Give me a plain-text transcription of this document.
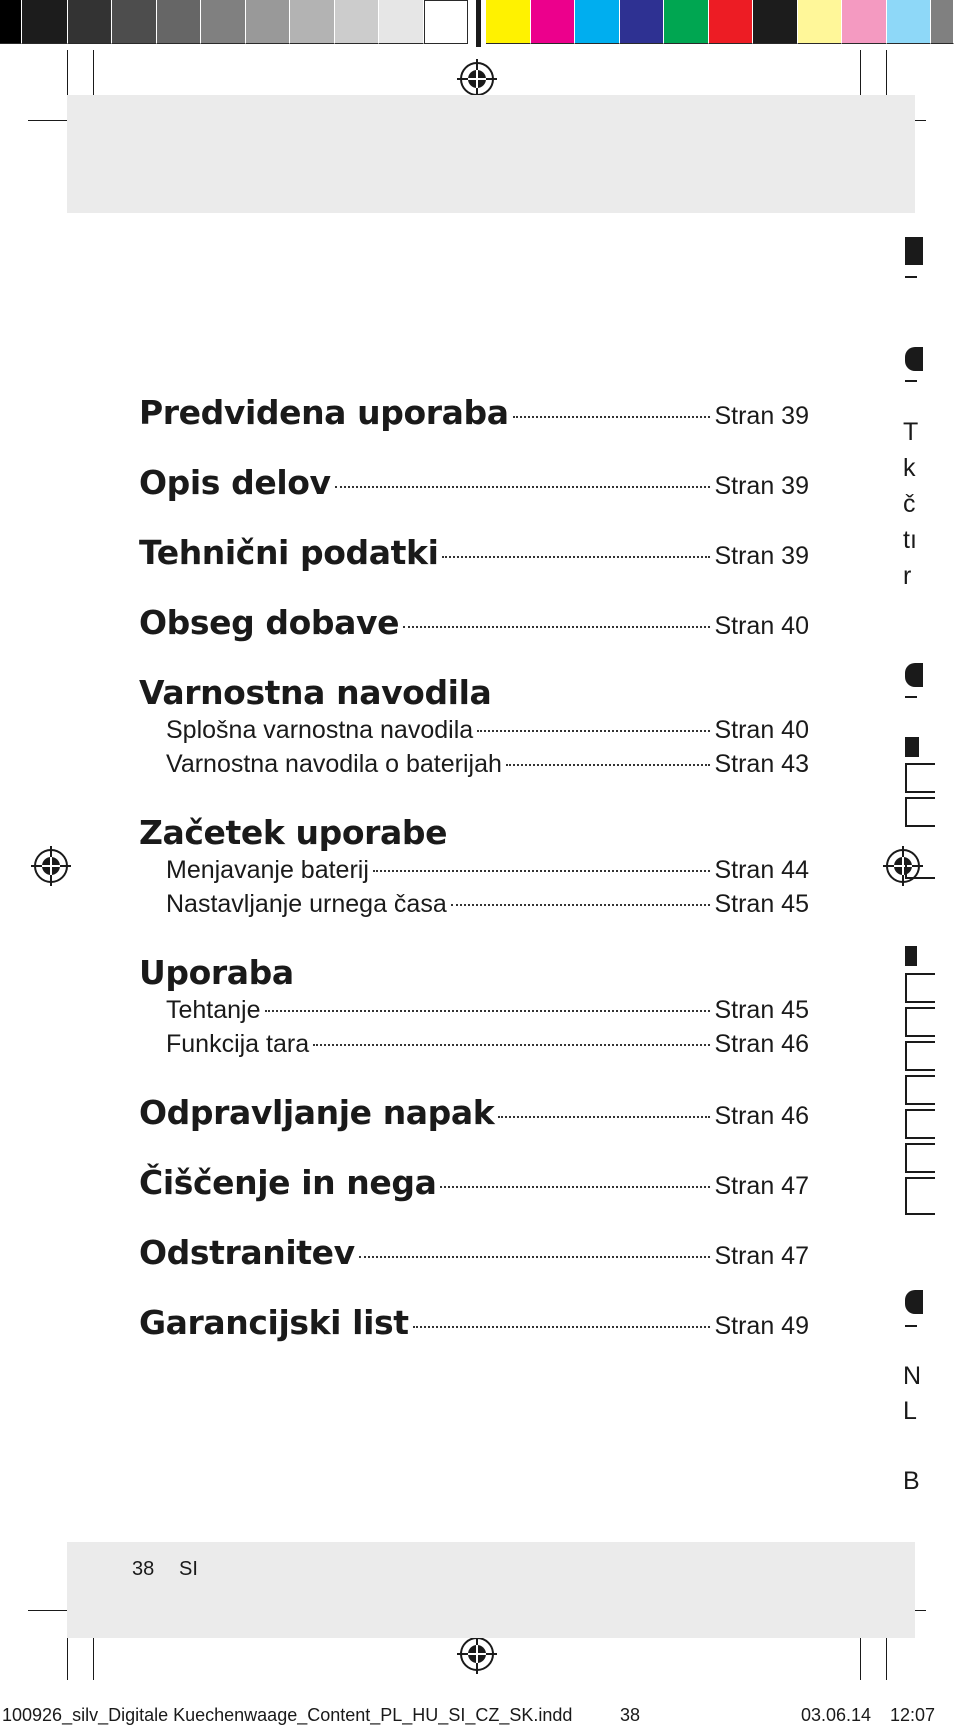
Predvidena uporaba	Stran 39
Opis delov	Stran 39
Tehnični podatki	Stran 39
Obseg dobave	Stran 40
Varnostna navodila
Splošna varnostna navodila	Stran 40
Varnostna navodila o baterijah	Stran 43
Začetek uporabe
Menjavanje baterij	Stran 44
Nastavljanje urnega časa	Stran 45
Uporaba
Tehtanje	Stran 45
Funkcija tara	Stran 46
Odpravljanje napak	Stran 46
Čiščenje in nega	Stran 47
Odstranitev	Stran 47
Garancijski list	Stran 49
T
k
č
tı
r
N
L
B
38 SI
100926_silv_Digitale Kuechenwaage_Content_PL_HU_SI_CZ_SK.indd	38	03.06.14 12:07
